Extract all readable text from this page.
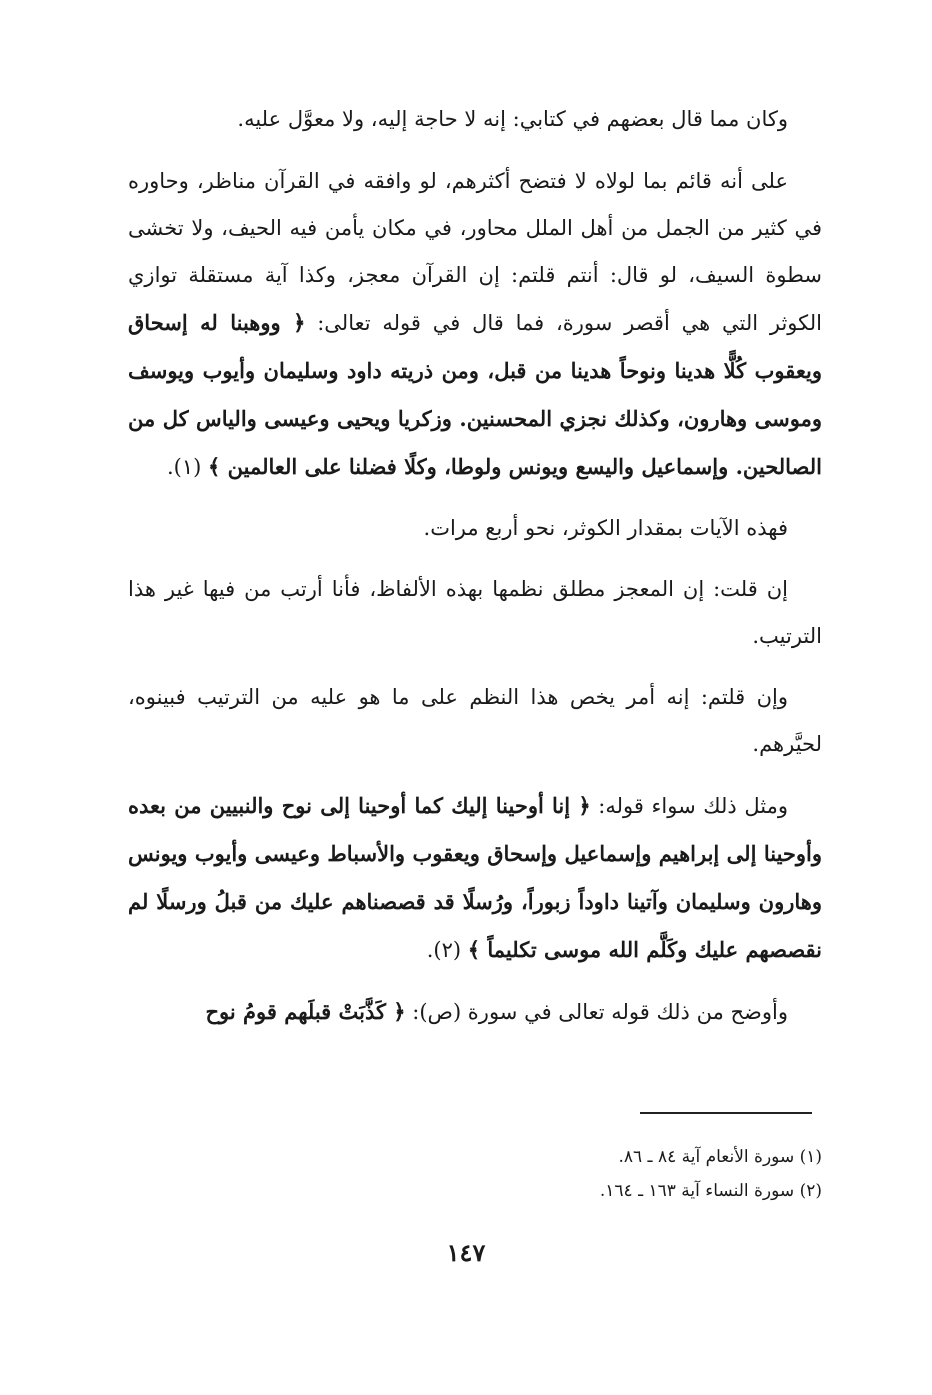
وكان مما قال بعضهم في كتابي: إنه لا حاجة إليه، ولا معوَّل عليه.

على أنه قائم بما لولاه لا فتضح أكثرهم، لو وافقه في القرآن مناظر، وحاوره في كثير من الجمل من أهل الملل محاور، في مكان يأمن فيه الحيف، ولا تخشى سطوة السيف، لو قال: أنتم قلتم: إن القرآن معجز، وكذا آية مستقلة توازي الكوثر التي هي أقصر سورة، فما قال في قوله تعالى: ﴿ ووهبنا له إسحاق ويعقوب كُلًّا هدينا ونوحاً هدينا من قبل، ومن ذريته داود وسليمان وأيوب ويوسف وموسى وهارون، وكذلك نجزي المحسنين. وزكريا ويحيى وعيسى والياس كل من الصالحين. وإسماعيل واليسع ويونس ولوطا، وكلًا فضلنا على العالمين ﴾ (١).

فهذه الآيات بمقدار الكوثر، نحو أربع مرات.

إن قلت: إن المعجز مطلق نظمها بهذه الألفاظ، فأنا أرتب من فيها غير هذا الترتيب.

وإن قلتم: إنه أمر يخص هذا النظم على ما هو عليه من الترتيب فبينوه، لحيَّرهم.

ومثل ذلك سواء قوله: ﴿ إنا أوحينا إليك كما أوحينا إلى نوح والنبيين من بعده وأوحينا إلى إبراهيم وإسماعيل وإسحاق ويعقوب والأسباط وعيسى وأيوب ويونس وهارون وسليمان وآتينا داوداً زبوراً، ورُسلًا قد قصصناهم عليك من قبلُ ورسلًا لم نقصصهم عليك وكَلَّم الله موسى تكليماً ﴾ (٢).

وأوضح من ذلك قوله تعالى في سورة (ص): ﴿ كَذَّبَتْ قبلَهم قومُ نوح

(١) سورة الأنعام آية ٨٤ ـ ٨٦.

(٢) سورة النساء آية ١٦٣ ـ ١٦٤.

١٤٧
